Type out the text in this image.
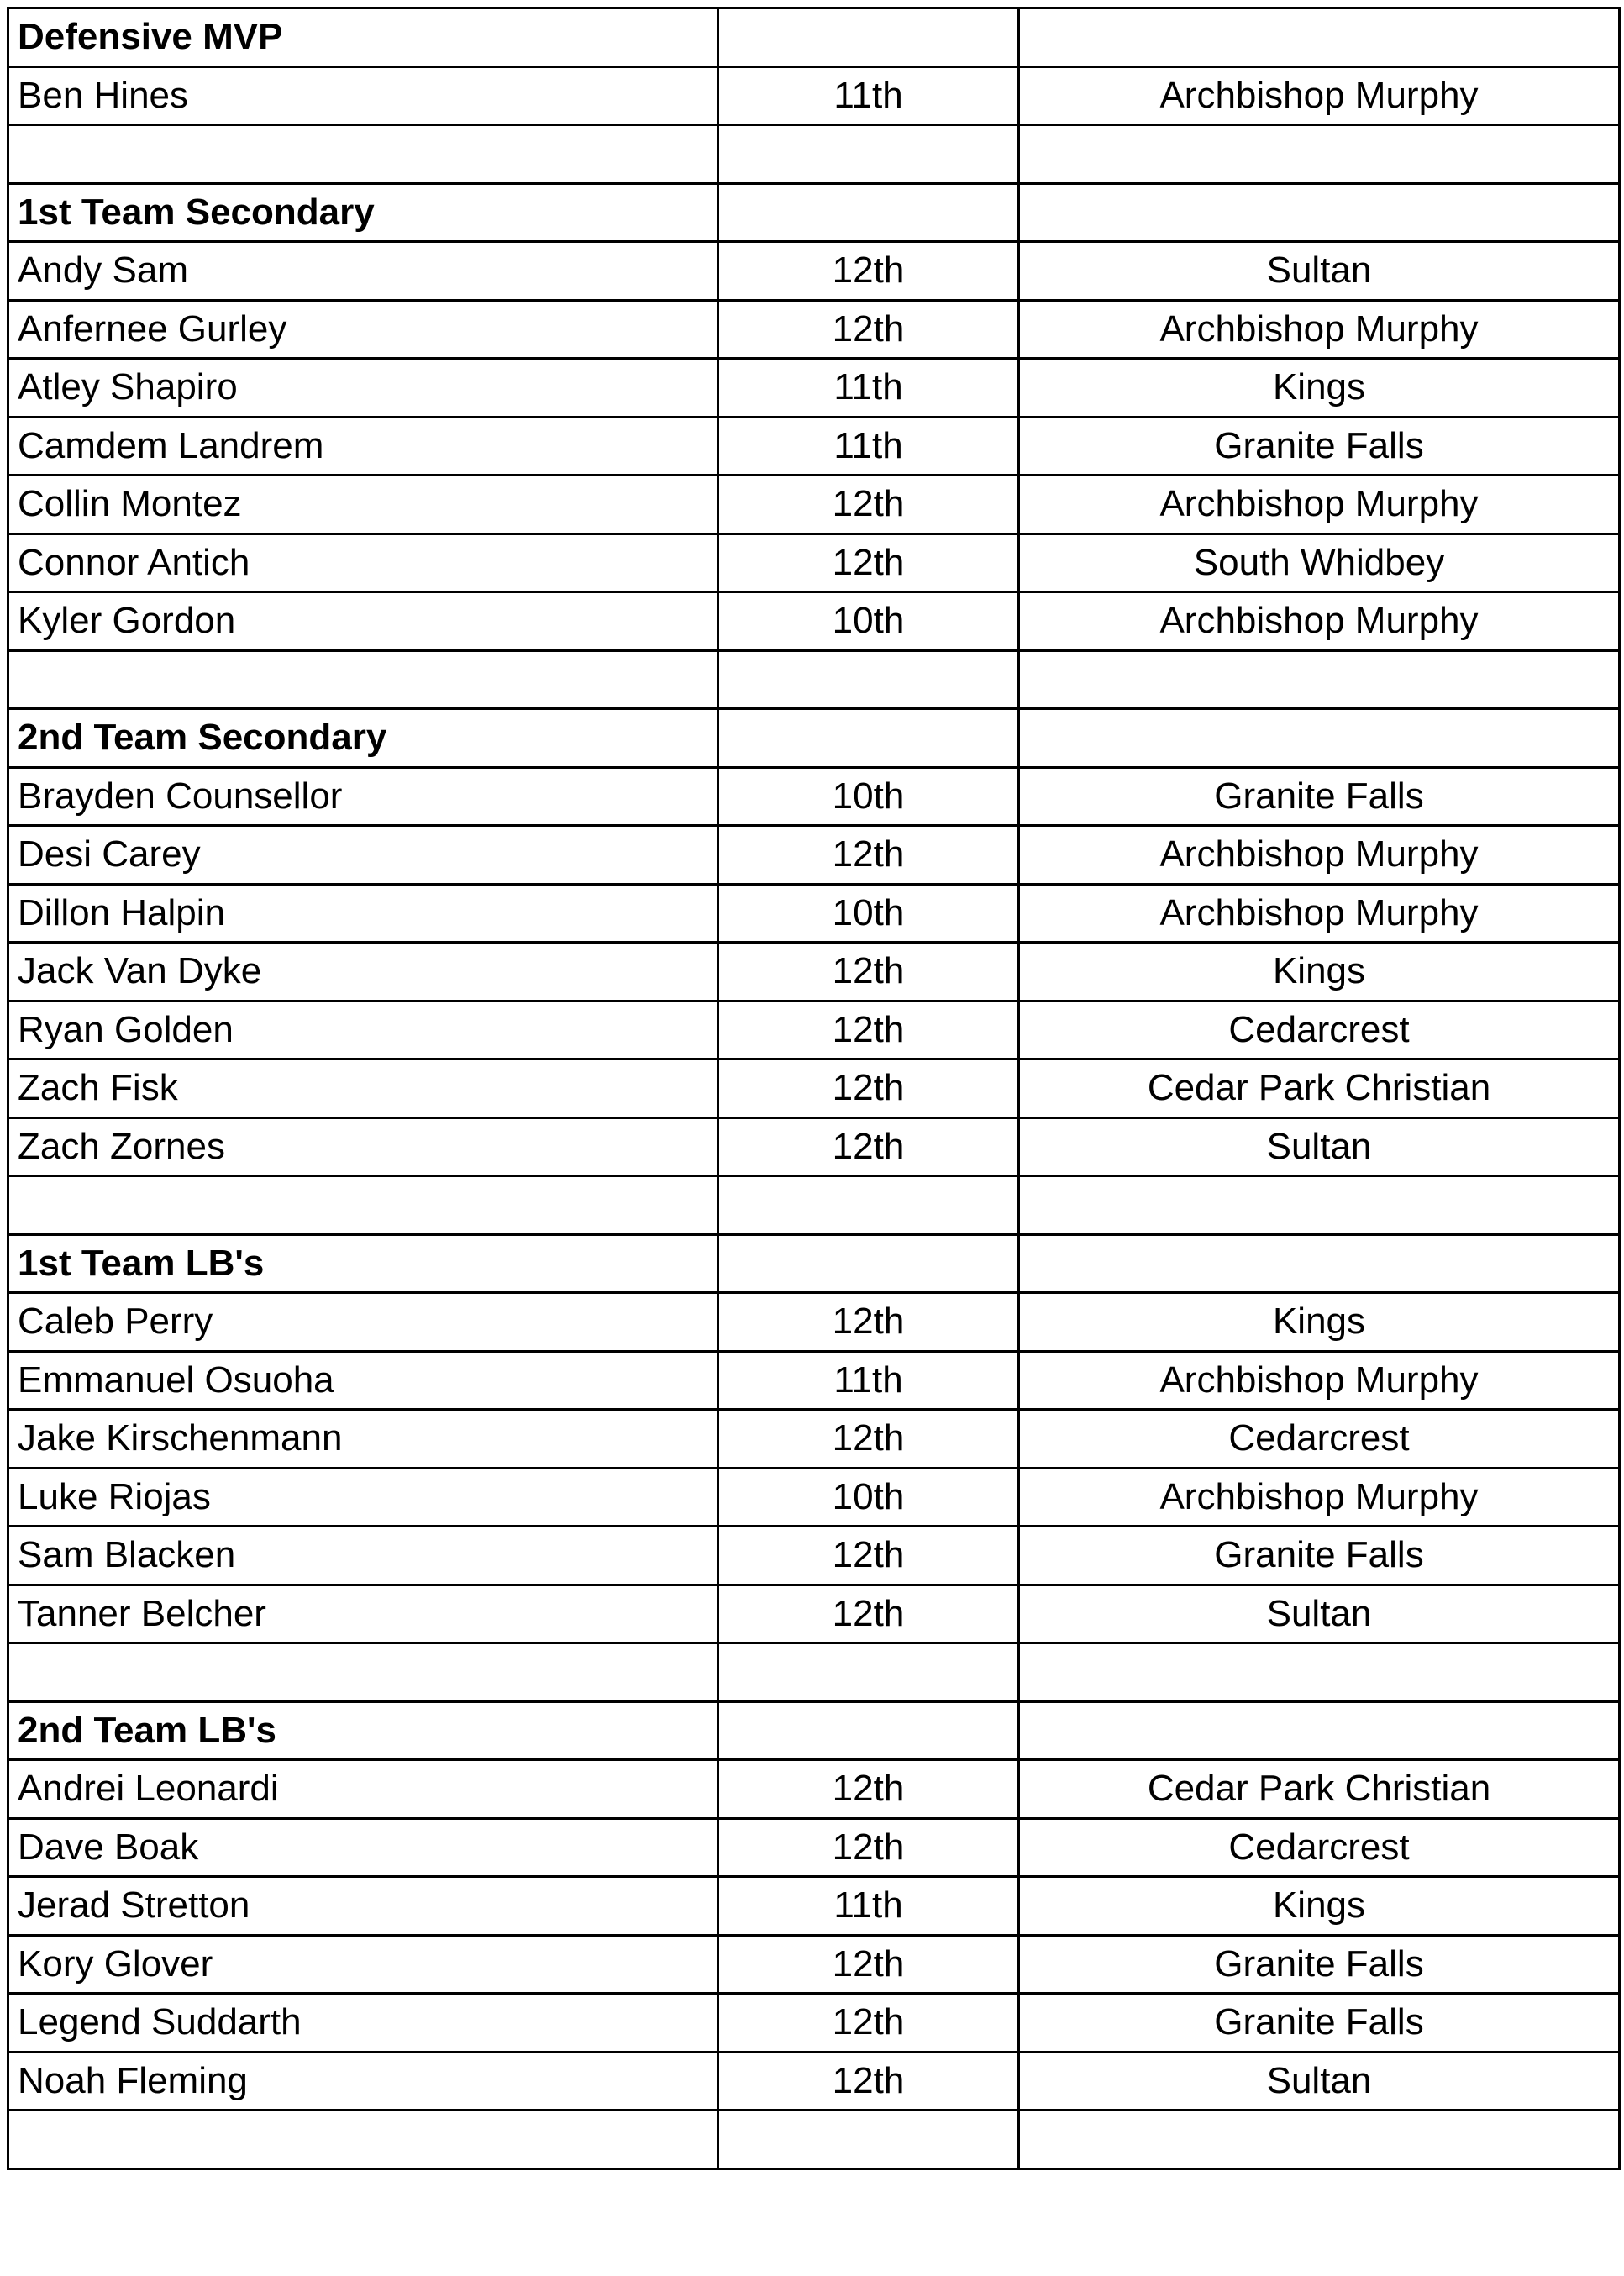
Defensive MVP		
Ben Hines	11th	Archbishop Murphy

1st Team Secondary		
Andy Sam	12th	Sultan
Anfernee Gurley	12th	Archbishop Murphy
Atley Shapiro	11th	Kings
Camdem Landrem	11th	Granite Falls
Collin Montez	12th	Archbishop Murphy
Connor Antich	12th	South Whidbey
Kyler Gordon	10th	Archbishop Murphy

2nd Team Secondary		
Brayden Counsellor	10th	Granite Falls
Desi Carey	12th	Archbishop Murphy
Dillon Halpin	10th	Archbishop Murphy
Jack Van Dyke	12th	Kings
Ryan Golden	12th	Cedarcrest
Zach Fisk	12th	Cedar Park Christian
Zach Zornes	12th	Sultan

1st Team LB's		
Caleb Perry	12th	Kings
Emmanuel Osuoha	11th	Archbishop Murphy
Jake Kirschenmann	12th	Cedarcrest
Luke Riojas	10th	Archbishop Murphy
Sam Blacken	12th	Granite Falls
Tanner Belcher	12th	Sultan

2nd Team LB's		
Andrei Leonardi	12th	Cedar Park Christian
Dave Boak	12th	Cedarcrest
Jerad Stretton	11th	Kings
Kory Glover	12th	Granite Falls
Legend Suddarth	12th	Granite Falls
Noah Fleming	12th	Sultan
